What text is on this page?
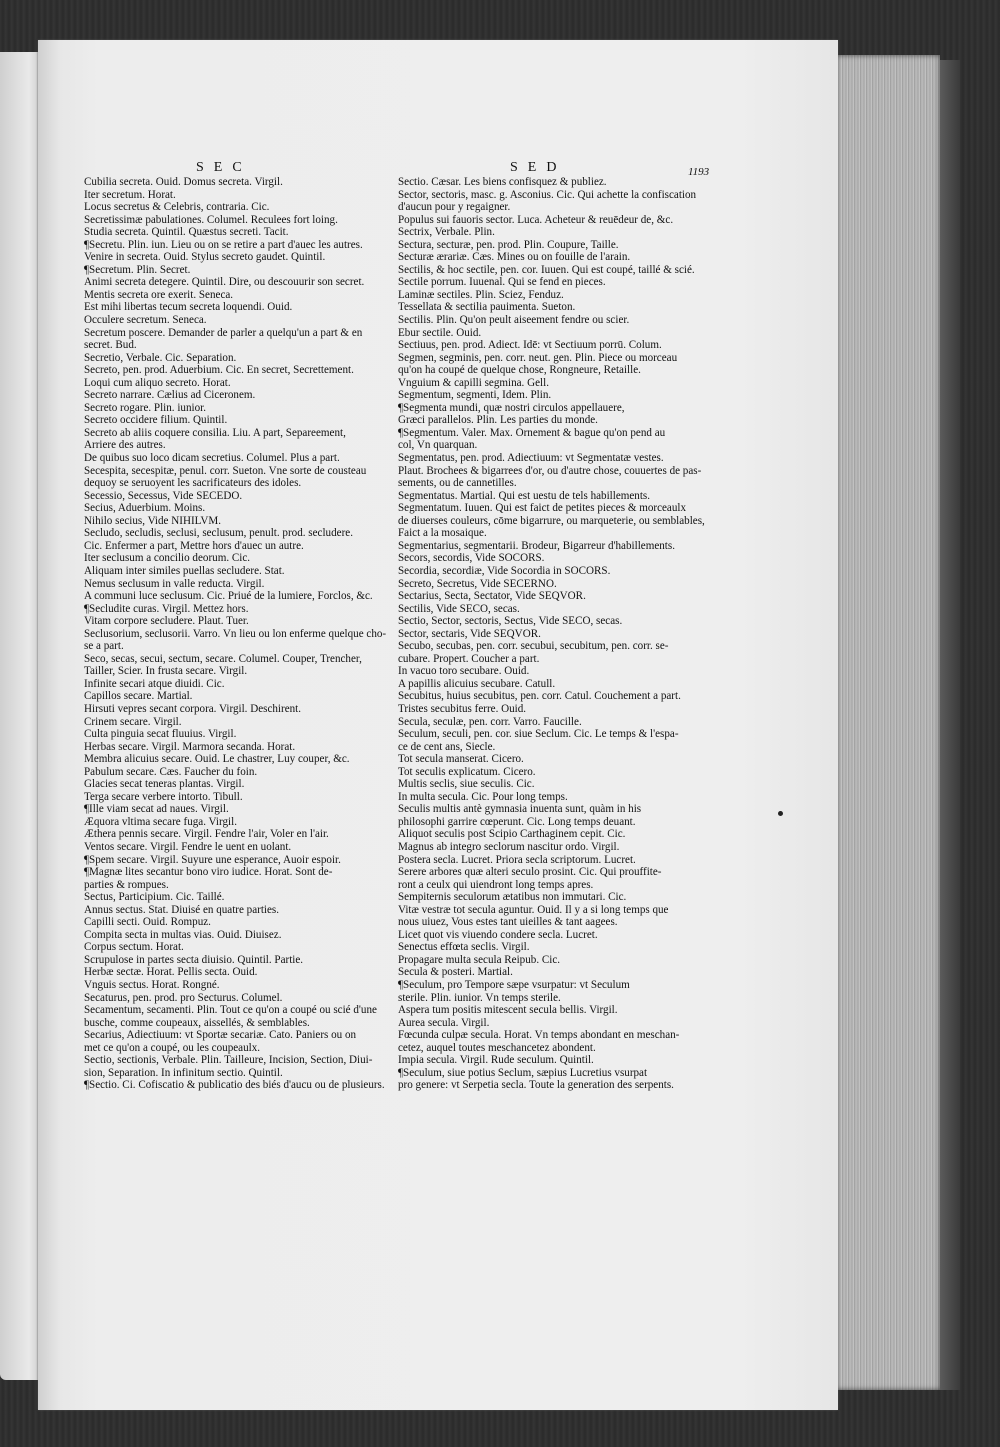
SEC	SED	1193
Cubilia secreta. Ouid. Domus secreta. Virgil.
Iter secretum. Horat.
Locus secretus & Celebris, contraria. Cic.
Secretissimæ pabulationes. Columel. Reculees fort loing.
Studia secreta. Quintil. Quæstus secreti. Tacit.
¶Secretu. Plin. iun. Lieu ou on se retire a part d'auec les autres.
Venire in secreta. Ouid. Stylus secreto gaudet. Quintil.
¶Secretum. Plin. Secret.
Animi secreta detegere. Quintil. Dire, ou descouurir son secret.
Mentis secreta ore exerit. Seneca.
Est mihi libertas tecum secreta loquendi. Ouid.
Occulere secretum. Seneca.
Secretum poscere. Demander de parler a quelqu'un a part & en
secret. Bud.
Secretio, Verbale. Cic. Separation.
Secreto, pen. prod. Aduerbium. Cic. En secret, Secrettement.
Loqui cum aliquo secreto. Horat.
Secreto narrare. Cælius ad Ciceronem.
Secreto rogare. Plin. iunior.
Secreto occidere filium. Quintil.
Secreto ab aliis coquere consilia. Liu. A part, Separeement,
Arriere des autres.
De quibus suo loco dicam secretius. Columel. Plus a part.
Secespita, secespitæ, penul. corr. Sueton. Vne sorte de cousteau
dequoy se seruoyent les sacrificateurs des idoles.
Secessio, Secessus, Vide SECEDO.
Secius, Aduerbium. Moins.
Nihilo secius, Vide NIHILVM.
Secludo, secludis, seclusi, seclusum, penult. prod. secludere.
Cic. Enfermer a part, Mettre hors d'auec un autre.
Iter seclusum a concilio deorum. Cic.
Aliquam inter similes puellas secludere. Stat.
Nemus seclusum in valle reducta. Virgil.
A communi luce seclusum. Cic. Priué de la lumiere, Forclos, &c.
¶Secludite curas. Virgil. Mettez hors.
Vitam corpore secludere. Plaut. Tuer.
Seclusorium, seclusorii. Varro. Vn lieu ou lon enferme quelque cho-
se a part.
Seco, secas, secui, sectum, secare. Columel. Couper, Trencher,
Tailler, Scier. In frusta secare. Virgil.
Infinite secari atque diuidi. Cic.
Capillos secare. Martial.
Hirsuti vepres secant corpora. Virgil. Deschirent.
Crinem secare. Virgil.
Culta pinguia secat fluuius. Virgil.
Herbas secare. Virgil. Marmora secanda. Horat.
Membra alicuius secare. Ouid. Le chastrer, Luy couper, &c.
Pabulum secare. Cæs. Faucher du foin.
Glacies secat teneras plantas. Virgil.
Terga secare verbere intorto. Tibull.
¶Ille viam secat ad naues. Virgil.
Æquora vltima secare fuga. Virgil.
Æthera pennis secare. Virgil. Fendre l'air, Voler en l'air.
Ventos secare. Virgil. Fendre le uent en uolant.
¶Spem secare. Virgil. Suyure une esperance, Auoir espoir.
¶Magnæ lites secantur bono viro iudice. Horat. Sont de-
parties & rompues.
Sectus, Participium. Cic. Taillé.
Annus sectus. Stat. Diuisé en quatre parties.
Capilli secti. Ouid. Rompuz.
Compita secta in multas vias. Ouid. Diuisez.
Corpus sectum. Horat.
Scrupulose in partes secta diuisio. Quintil. Partie.
Herbæ sectæ. Horat. Pellis secta. Ouid.
Vnguis sectus. Horat. Rongné.
Secaturus, pen. prod. pro Secturus. Columel.
Secamentum, secamenti. Plin. Tout ce qu'on a coupé ou scié d'une
busche, comme coupeaux, aissellés, & semblables.
Secarius, Adiectiuum: vt Sportæ secariæ. Cato. Paniers ou on
met ce qu'on a coupé, ou les coupeaulx.
Sectio, sectionis, Verbale. Plin. Tailleure, Incision, Section, Diui-
sion, Separation. In infinitum sectio. Quintil.
¶Sectio. Ci. Cofiscatio & publicatio des biés d'aucu ou de plusieurs.
Sectio. Cæsar. Les biens confisquez & publiez.
Sector, sectoris, masc. g. Asconius. Cic. Qui achette la confiscation
d'aucun pour y regaigner.
Populus sui fauoris sector. Luca. Acheteur & reuēdeur de, &c.
Sectrix, Verbale. Plin.
Sectura, secturæ, pen. prod. Plin. Coupure, Taille.
Secturæ ærariæ. Cæs. Mines ou on fouille de l'arain.
Sectilis, & hoc sectile, pen. cor. Iuuen. Qui est coupé, taillé & scié.
Sectile porrum. Iuuenal. Qui se fend en pieces.
Laminæ sectiles. Plin. Sciez, Fenduz.
Tessellata & sectilia pauimenta. Sueton.
Sectilis. Plin. Qu'on peult aiseement fendre ou scier.
Ebur sectile. Ouid.
Sectiuus, pen. prod. Adiect. Idē: vt Sectiuum porrū. Colum.
Segmen, segminis, pen. corr. neut. gen. Plin. Piece ou morceau
qu'on ha coupé de quelque chose, Rongneure, Retaille.
Vnguium & capilli segmina. Gell.
Segmentum, segmenti, Idem. Plin.
¶Segmenta mundi, quæ nostri circulos appellauere,
Græci parallelos. Plin. Les parties du monde.
¶Segmentum. Valer. Max. Ornement & bague qu'on pend au
col, Vn quarquan.
Segmentatus, pen. prod. Adiectiuum: vt Segmentatæ vestes.
Plaut. Brochees & bigarrees d'or, ou d'autre chose, couuertes de pas-
sements, ou de cannetilles.
Segmentatus. Martial. Qui est uestu de tels habillements.
Segmentatum. Iuuen. Qui est faict de petites pieces & morceaulx
de diuerses couleurs, cōme bigarrure, ou marqueterie, ou semblables,
Faict a la mosaique.
Segmentarius, segmentarii. Brodeur, Bigarreur d'habillements.
Secors, secordis, Vide SOCORS.
Secordia, secordiæ, Vide Socordia in SOCORS.
Secreto, Secretus, Vide SECERNO.
Sectarius, Secta, Sectator, Vide SEQVOR.
Sectilis, Vide SECO, secas.
Sectio, Sector, sectoris, Sectus, Vide SECO, secas.
Sector, sectaris, Vide SEQVOR.
Secubo, secubas, pen. corr. secubui, secubitum, pen. corr. se-
cubare. Propert. Coucher a part.
In vacuo toro secubare. Ouid.
A papillis alicuius secubare. Catull.
Secubitus, huius secubitus, pen. corr. Catul. Couchement a part.
Tristes secubitus ferre. Ouid.
Secula, seculæ, pen. corr. Varro. Faucille.
Seculum, seculi, pen. cor. siue Seclum. Cic. Le temps & l'espa-
ce de cent ans, Siecle.
Tot secula manserat. Cicero.
Tot seculis explicatum. Cicero.
Multis seclis, siue seculis. Cic.
In multa secula. Cic. Pour long temps.
Seculis multis antè gymnasia inuenta sunt, quàm in his
philosophi garrire cœperunt. Cic. Long temps deuant.
Aliquot seculis post Scipio Carthaginem cepit. Cic.
Magnus ab integro seclorum nascitur ordo. Virgil.
Postera secla. Lucret. Priora secla scriptorum. Lucret.
Serere arbores quæ alteri seculo prosint. Cic. Qui prouffite-
ront a ceulx qui uiendront long temps apres.
Sempiternis seculorum ætatibus non immutari. Cic.
Vitæ vestræ tot secula aguntur. Ouid. Il y a si long temps que
nous uiuez, Vous estes tant uieilles & tant aagees.
Licet quot vis viuendo condere secla. Lucret.
Senectus effœta seclis. Virgil.
Propagare multa secula Reipub. Cic.
Secula & posteri. Martial.
¶Seculum, pro Tempore sæpe vsurpatur: vt Seculum
sterile. Plin. iunior. Vn temps sterile.
Aspera tum positis mitescent secula bellis. Virgil.
Aurea secula. Virgil.
Fœcunda culpæ secula. Horat. Vn temps abondant en meschan-
cetez, auquel toutes meschancetez abondent.
Impia secula. Virgil. Rude seculum. Quintil.
¶Seculum, siue potius Seclum, sæpius Lucretius vsurpat
pro genere: vt Serpetia secla. Toute la generation des serpents.
